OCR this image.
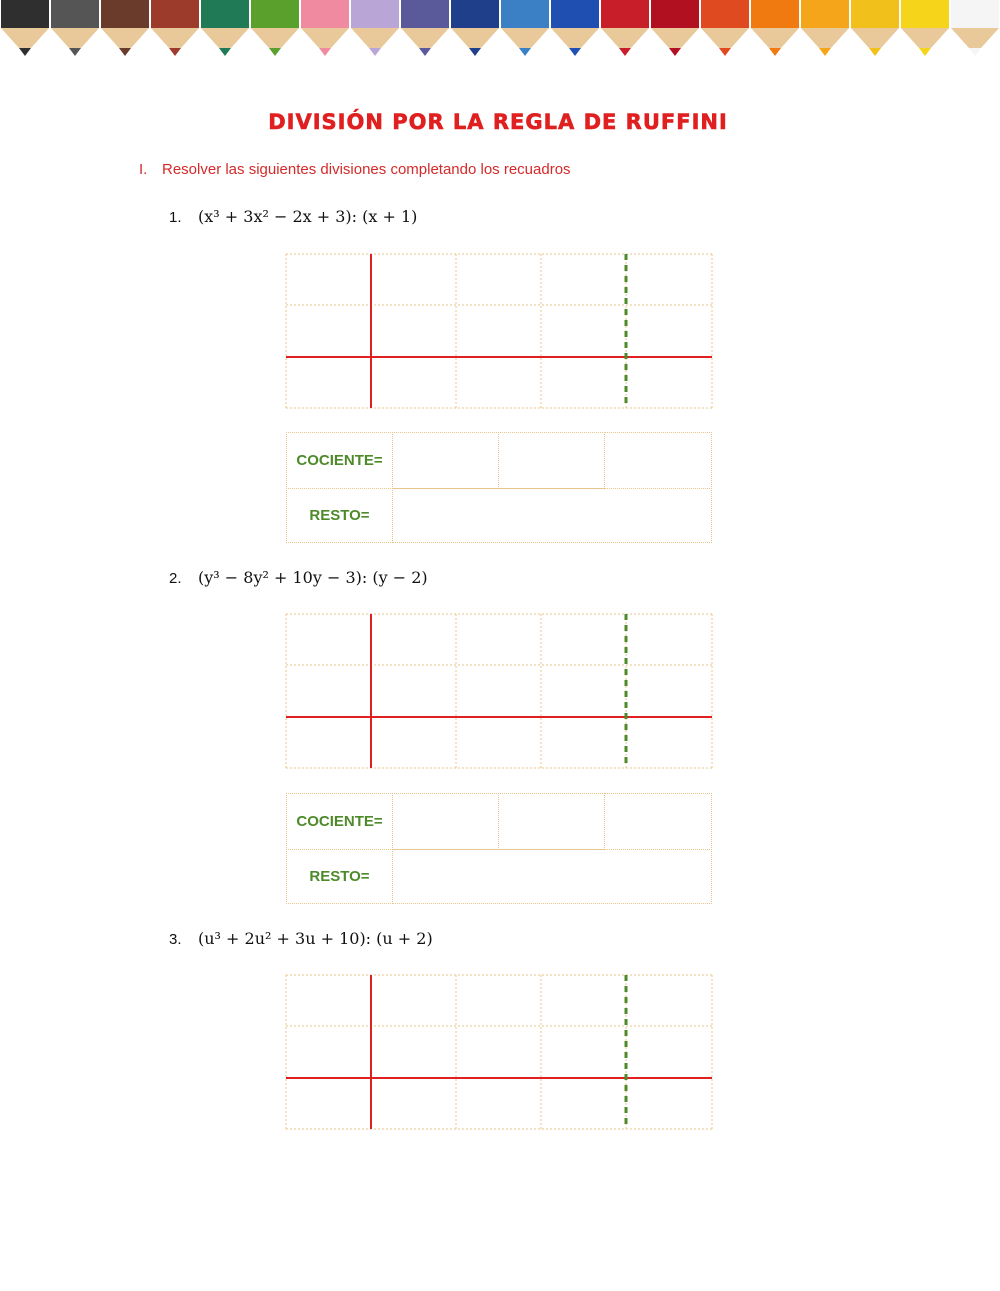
DIVISIÓN POR LA REGLA DE RUFFINI
I. Resolver las siguientes divisiones completando los recuadros
1. (x³ + 3x² − 2x + 3): (x + 1)
COCIENTE=
RESTO=
2. (y³ − 8y² + 10y − 3): (y − 2)
COCIENTE=
RESTO=
3. (u³ + 2u² + 3u + 10): (u + 2)
